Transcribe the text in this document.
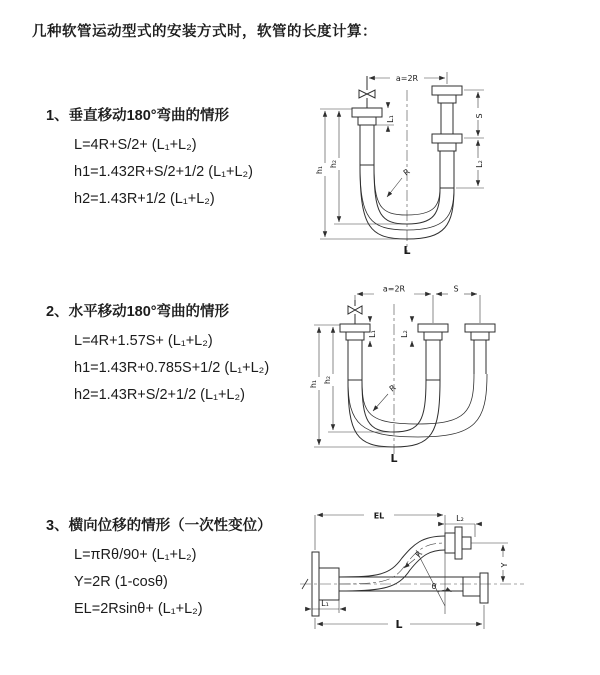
几种软管运动型式的安装方式时，软管的长度计算：
1、垂直移动180°弯曲的情形
L=4R+S/2+ (L₁+L₂)
h1=1.432R+S/2+1/2 (L₁+L₂)
h2=1.43R+1/2 (L₁+L₂)
2、水平移动180°弯曲的情形
L=4R+1.57S+ (L₁+L₂)
h1=1.43R+0.785S+1/2 (L₁+L₂)
h2=1.43R+S/2+1/2 (L₁+L₂)
3、横向位移的情形（一次性变位）
L=πRθ/90+ (L₁+L₂)
Y=2R (1-cosθ)
EL=2Rsinθ+ (L₁+L₂)
a=2R
S
L₂
h₁
h₂
L₁
R
L
a=2R	S
h₁ h₂
L₁	L₂
R
L
EL	L₂
Y
R
θ
L₁
L
